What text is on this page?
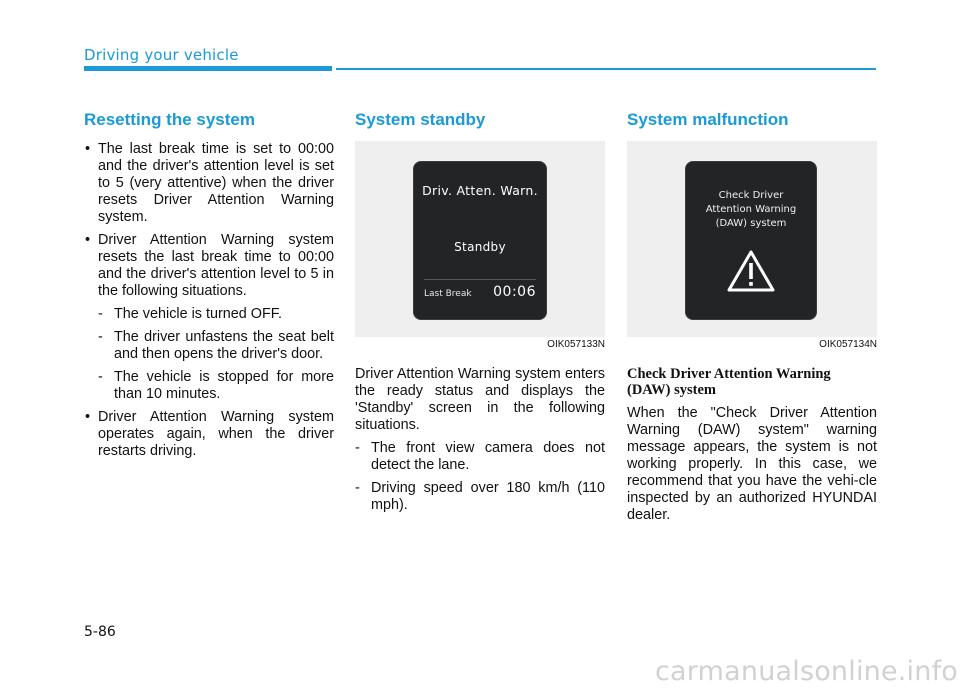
Driving your vehicle
Resetting the system
• The last break time is set to 00:00 and the driver's attention level is set to 5 (very attentive) when the driver resets Driver Attention Warning system.
• Driver Attention Warning system resets the last break time to 00:00 and the driver's attention level to 5 in the following situations.
- The vehicle is turned OFF.
- The driver unfastens the seat belt and then opens the driver's door.
- The vehicle is stopped for more than 10 minutes.
• Driver Attention Warning system operates again, when the driver restarts driving.
System standby
Driv. Atten. Warn.
Standby
Last Break 00:06
OIK057133N
Driver Attention Warning system enters the ready status and displays the 'Standby' screen in the following situations.
- The front view camera does not detect the lane.
- Driving speed over 180 km/h (110 mph).
System malfunction
Check Driver
Attention Warning
(DAW) system
OIK057134N
Check Driver Attention Warning (DAW) system
When the "Check Driver Attention Warning (DAW) system" warning message appears, the system is not working properly. In this case, we recommend that you have the vehi-cle inspected by an authorized HYUNDAI dealer.
5-86
carmanualsonline.info
